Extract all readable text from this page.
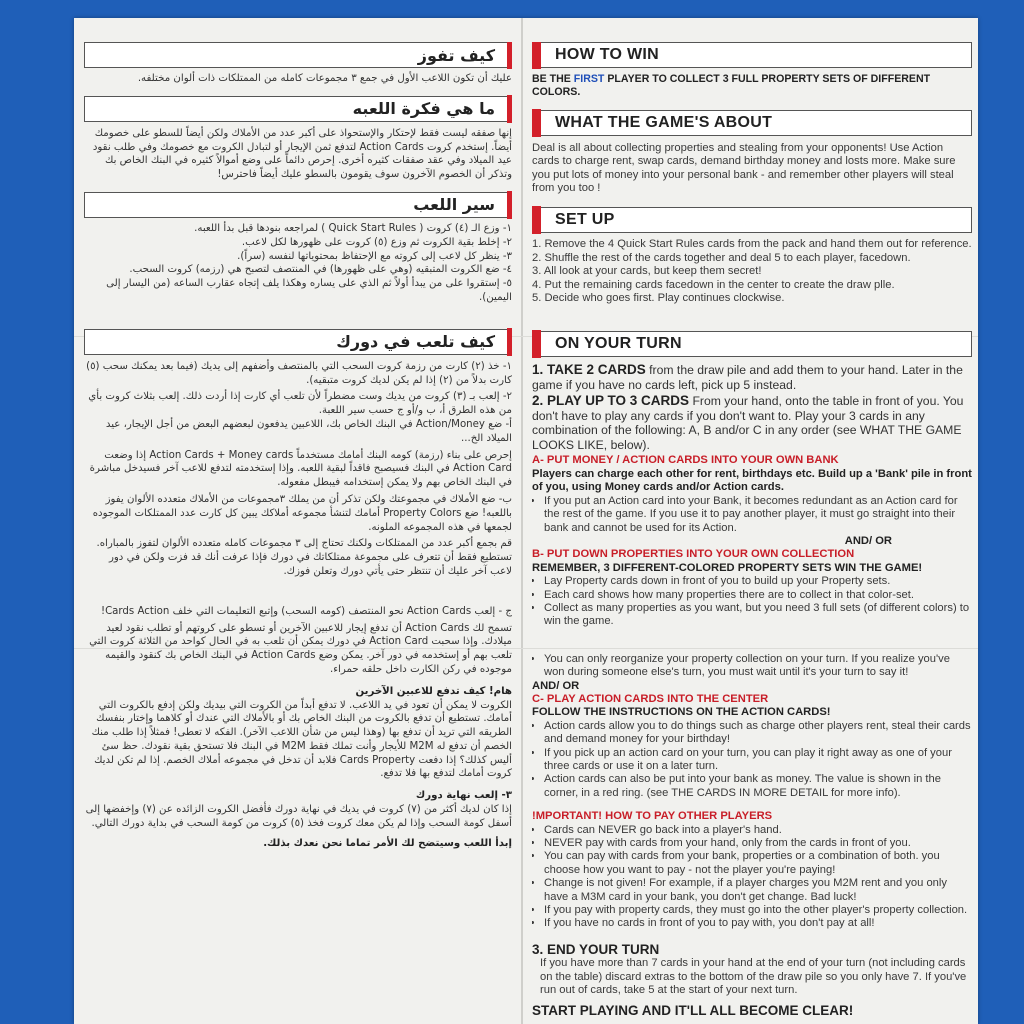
كيف تفوز

عليك أن تكون اللاعب الأول في جمع ٣ مجموعات كامله من الممتلكات ذات ألوان مختلفه.

ما هي فكرة اللعبه

إنها صفقه ليست فقط لإحتكار والإستحواذ على أكبر عدد من الأملاك ولكن أيضاً للسطو على خصومك أيضاً. إستخدم كروت Action Cards لتدفع ثمن الإيجار أو لتبادل الكروت مع خصومك وفي طلب نقود عيد الميلاد وفي عقد صفقات كثيره أخرى. إحرص دائماً على وضع أموالاً كثيره في البنك الخاص بك وتذكر أن الخصوم الآخرون سوف يقومون بالسطو عليك أيضاً فاحترس!

سير اللعب

١- وزع الـ (٤) كروت ( Quick Start Rules ) لمراجعه بنودها قبل بدأ اللعبه.

٢- إخلط بقية الكروت ثم وزع (٥) كروت على ظهورها لكل لاعب.

٣- ينظر كل لاعب إلى كروته مع الإحتفاظ بمحتوياتها لنفسه (سراً).

٤- ضع الكروت المتبقيه (وهي على ظهورها) في المنتصف لتصبح هي (رزمه) كروت السحب.

٥- إستقروا على من يبدأ أولاً ثم الذي على يساره وهكذا يلف إتجاه عقارب الساعه (من اليسار إلى اليمين).

كيف تلعب في دورك

١- خذ (٢) كارت من رزمة كروت السحب التي بالمنتصف وأضفهم إلى يديك (فيما بعد يمكنك سحب (٥) كارت بدلاً من (٢) إذا لم يكن لديك كروت متبقيه).

٢- إلعب بـ (٣) كروت من يديك وست مضطراً لأن تلعب أي كارت إذا أردت ذلك. إلعب بثلاث كروت بأي من هذه الطرق أ، ب و/أو ج حسب سير اللعبة.

أ- ضع Action/Money في البنك الخاص بك، اللاعبين يدفعون لبعضهم البعض من أجل الإيجار، عيد الميلاد الخ...

إحرص على بناء (رزمة) كومه البنك أمامك مستخدماً Action Cards + Money cards إذا وضعت Action Card في البنك فسيصبح فاقداً لبقية اللعبه. وإذا إستخدمته لتدفع للاعب آخر فسيدخل مباشرة في البنك الخاص بهم ولا يمكن إستخدامه فيبطل مفعوله.

ب- ضع الأملاك في مجموعتك ولكن تذكر أن من يملك ٣مجموعات من الأملاك متعدده الألوان يفوز باللعبه! ضع Property Colors أمامك لتنشأ مجموعه أملاكك يبين كل كارت عدد الممتلكات الموجوده لجمعها في هذه المجموعه الملونه.

قم بجمع أكبر عدد من الممتلكات ولكنك تحتاج إلى ٣ مجموعات كامله متعدده الألوان لتفوز بالمباراه. تستطيع فقط أن تتعرف على مجموعة ممتلكاتك في دورك فإذا عرفت أنك قد فزت ولكن في دور لاعب آخر عليك أن تنتظر حتى يأتي دورك وتعلن فوزك.

ج - إلعب Action Cards نحو المنتصف (كومه السحب) وإتبع التعليمات التي خلف Cards Action!

تسمح لك Action Cards أن تدفع إيجار للاعبين الآخرين أو تسطو على كروتهم أو تطلب نقود لعيد ميلادك. وإذا سحبت Action Card في دورك يمكن أن تلعب به في الحال كواحد من الثلاثة كروت التي تلعب بهم أو إستخدمه في دور آخر. يمكن وضع Action Cards في البنك الخاص بك كنقود والقيمه موجوده في ركن الكارت داخل حلقه حمراء.

هام! كيف تدفع للاعبين الآخرين

الكروت لا يمكن أن تعود في يد اللاعب. لا تدفع أبداً من الكروت التي بيديك ولكن إدفع بالكروت التي أمامك. تستطيع أن تدفع بالكروت من البنك الخاص بك أو بالأملاك التي عندك أو كلاهما وإختار بنفسك الطريقه التي تريد أن تدفع بها (وهذا ليس من شأن اللاعب الآخر). الفكه لا تعطى! فمثلاً إذا طلب منك الخصم أن تدفع له M2M للأيجار وأنت تملك فقط M2M في البنك فلا تستحق بقية نقودك. حظ سئ أليس كذلك؟ إذا دفعت Cards Property فلابد أن تدخل في مجموعه أملاك الخصم. إذا لم تكن لديك كروت أمامك لتدفع بها فلا تدفع.

٣- إلعب نهاية دورك

إذا كان لديك أكثر من (٧) كروت في يديك في نهاية دورك فأفضل الكروت الزائده عن (٧) وإخفضها إلى أسفل كومة السحب وإذا لم يكن معك كروت فخذ (٥) كروت من كومة السحب في بداية دورك التالي.

إبدأ اللعب وسيتضح لك الأمر تماما نحن نعدك بذلك.

HOW TO WIN

BE THE FIRST PLAYER TO COLLECT 3 FULL PROPERTY SETS OF DIFFERENT COLORS.

WHAT THE GAME'S ABOUT

Deal is all about collecting properties and stealing from your opponents! Use Action cards to charge rent, swap cards, demand birthday money and losts more. Make sure you put lots of money into your personal bank - and remember other players will steal from you too !

SET UP

1. Remove the 4 Quick Start Rules cards from the pack and hand them out for reference.

2. Shuffle the rest of the cards together and deal 5 to each player, facedown.

3. All look at your cards, but keep them secret!

4. Put the remaining cards facedown in the center to create the draw plle.

5. Decide who goes first. Play continues clockwise.

ON YOUR TURN

1. TAKE 2 CARDS from the draw pile and add them to your hand. Later in the game if you have no cards left, pick up 5 instead.

2. PLAY UP TO 3 CARDS From your hand, onto the table in front of you. You don't have to play any cards if you don't want to. Play your 3 cards in any combination of the following: A, B and/or C in any order (see WHAT THE GAME LOOKS LIKE, below).

A- PUT MONEY / ACTION CARDS INTO YOUR OWN BANK

Players can charge each other for rent, birthdays etc. Build up a 'Bank' pile in front of you, using Money cards and/or Action cards.

• If you put an Action card into your Bank, it becomes redundant as an Action card for the rest of the game. If you use it to pay another player, it must go straight into their bank and cannot be used for its Action.

AND/ OR

B- PUT DOWN PROPERTIES INTO YOUR OWN COLLECTION

REMEMBER, 3 DIFFERENT-COLORED PROPERTY SETS WIN THE GAME!

• Lay Property cards down in front of you to build up your Property sets.
• Each card shows how many properties there are to collect in that color-set.
• Collect as many properties as you want, but you need 3 full sets (of different colors) to win the game.
• You can only reorganize your property collection on your turn. If you realize you've won during someone else's turn, you must wait until it's your turn to say it!

AND/ OR

C- PLAY ACTION CARDS INTO THE CENTER

FOLLOW THE INSTRUCTIONS ON THE ACTION CARDS!

• Action cards allow you to do things such as charge other players rent, steal their cards and demand money for your birthday!
• If you pick up an action card on your turn, you can play it right away as one of your three cards or use it on a later turn.
• Action cards can also be put into your bank as money. The value is shown in the corner, in a red ring. (see THE CARDS IN MORE DETAIL for more info).

!MPORTANT! HOW TO PAY OTHER PLAYERS

• Cards can NEVER go back into a player's hand.
• NEVER pay with cards from your hand, only from the cards in front of you.
• You can pay with cards from your bank, properties or a combination of both. you choose how you want to pay - not the player you're paying!
• Change is not given! For example, if a player charges you M2M rent and you only have a M3M card in your bank, you don't get change. Bad luck!
• If you pay with property cards, they must go into the other player's property collection.
• If you have no cards in front of you to pay with, you don't pay at all!

3. END YOUR TURN

If you have more than 7 cards in your hand at the end of your turn (not including cards on the table) discard extras to the bottom of the draw pile so you only have 7. If you've run out of cards, take 5 at the start of your next turn.

START PLAYING AND IT'LL ALL BECOME CLEAR!
